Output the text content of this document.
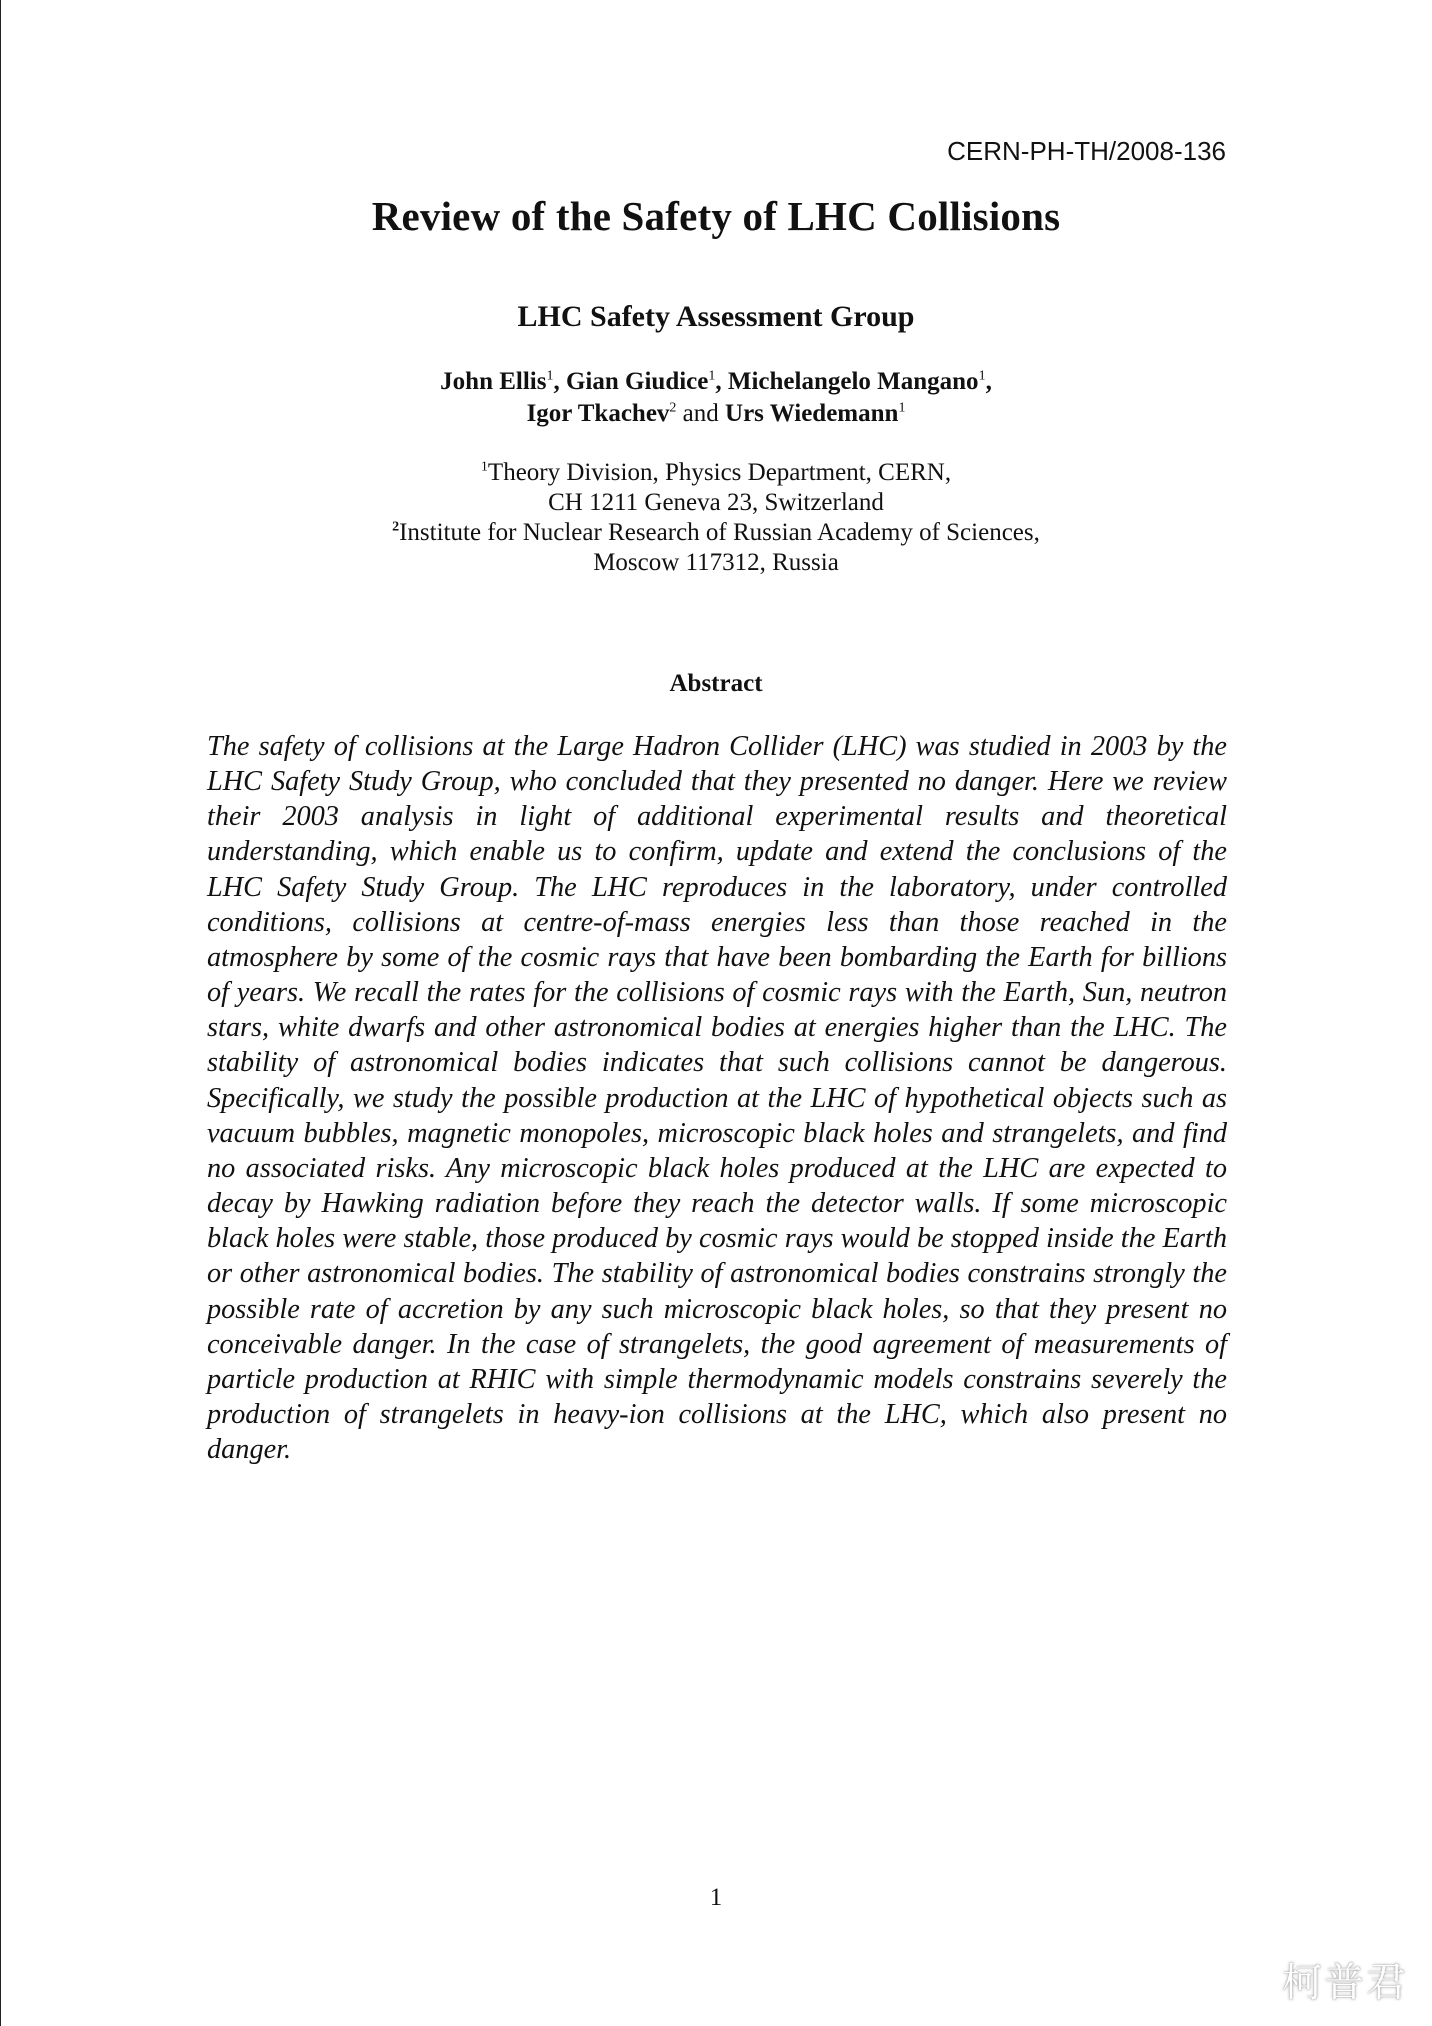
CERN-PH-TH/2008-136
Review of the Safety of LHC Collisions
LHC Safety Assessment Group
John Ellis$^1$, Gian Giudice$^1$, Michelangelo Mangano$^1$,
Igor Tkachev$^2$ and Urs Wiedemann$^1$
$^1$Theory Division, Physics Department, CERN,
CH 1211 Geneva 23, Switzerland
$^2$Institute for Nuclear Research of Russian Academy of Sciences,
Moscow 117312, Russia
Abstract

The safety of collisions at the Large Hadron Collider (LHC) was studied in 2003 by the LHC Safety Study Group, who concluded that they presented no danger. Here we review their 2003 analysis in light of additional experimental results and theoretical understanding, which enable us to confirm, update and extend the conclusions of the LHC Safety Study Group. The LHC reproduces in the laboratory, under controlled conditions, collisions at centre-of-mass energies less than those reached in the atmosphere by some of the cosmic rays that have been bombarding the Earth for billions of years. We recall the rates for the collisions of cosmic rays with the Earth, Sun, neutron stars, white dwarfs and other astronomical bodies at energies higher than the LHC. The stability of astronomical bodies indicates that such collisions cannot be dangerous. Specifically, we study the possible production at the LHC of hypothetical objects such as vacuum bubbles, magnetic monopoles, microscopic black holes and strangelets, and find no associated risks. Any microscopic black holes produced at the LHC are expected to decay by Hawking radiation before they reach the detector walls. If some microscopic black holes were stable, those produced by cosmic rays would be stopped inside the Earth or other astronomical bodies. The stability of astronomical bodies constrains strongly the possible rate of accretion by any such microscopic black holes, so that they present no conceivable danger. In the case of strangelets, the good agreement of measurements of particle production at RHIC with simple thermodynamic models constrains severely the production of strangelets in heavy-ion collisions at the LHC, which also present no danger.

1
柯普君
